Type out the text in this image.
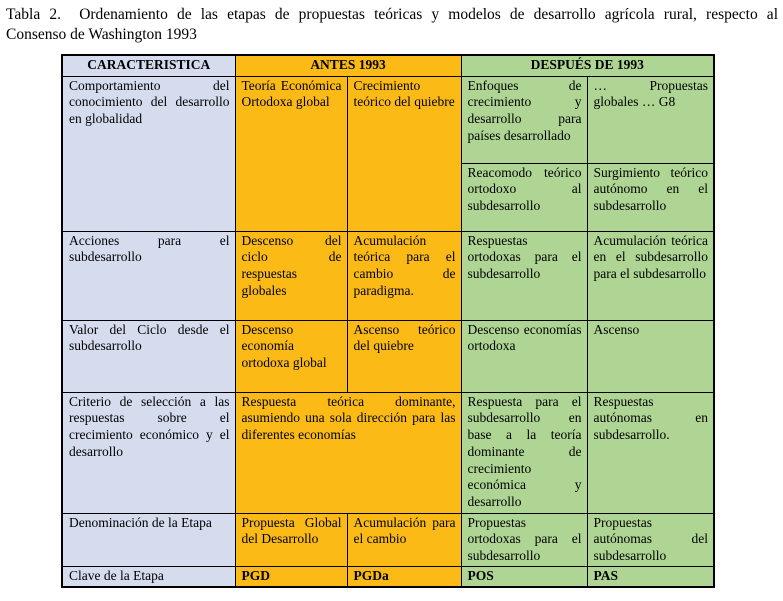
Tabla 2.  Ordenamiento de las etapas de propuestas teóricas y modelos de desarrollo agrícola rural, respecto al
Consenso de Washington 1993
CARACTERISTICA	ANTES 1993		DESPUÉS DE 1993	
Comportamiento del conocimiento del desarrollo en globalidad	Teoría Económica Ortodoxa global	Crecimiento teórico del quiebre	Enfoques de crecimiento y desarrollo para países desarrollado	… Propuestas globales … G8
			Reacomodo teórico ortodoxo al subdesarrollo	Surgimiento teórico autónomo en el subdesarrollo
Acciones para el subdesarrollo	Descenso del ciclo de respuestas globales	Acumulación teórica para el cambio de paradigma.	Respuestas ortodoxas para el subdesarrollo	Acumulación teórica en el subdesarrollo para el subdesarrollo
Valor del Ciclo desde el subdesarrollo	Descenso economía ortodoxa global	Ascenso teórico del quiebre	Descenso economías ortodoxa	Ascenso
Criterio de selección a las respuestas sobre el crecimiento económico y el desarrollo	Respuesta teórica dominante, asumiendo una sola dirección para las diferentes economías		Respuesta para el subdesarrollo en base a la teoría dominante de crecimiento económica y desarrollo	Respuestas autónomas en subdesarrollo.
Denominación de la Etapa	Propuesta Global del Desarrollo	Acumulación para el cambio	Propuestas ortodoxas para el subdesarrollo	Propuestas autónomas del subdesarrollo
Clave de la Etapa	PGD	PGDa	POS	PAS
